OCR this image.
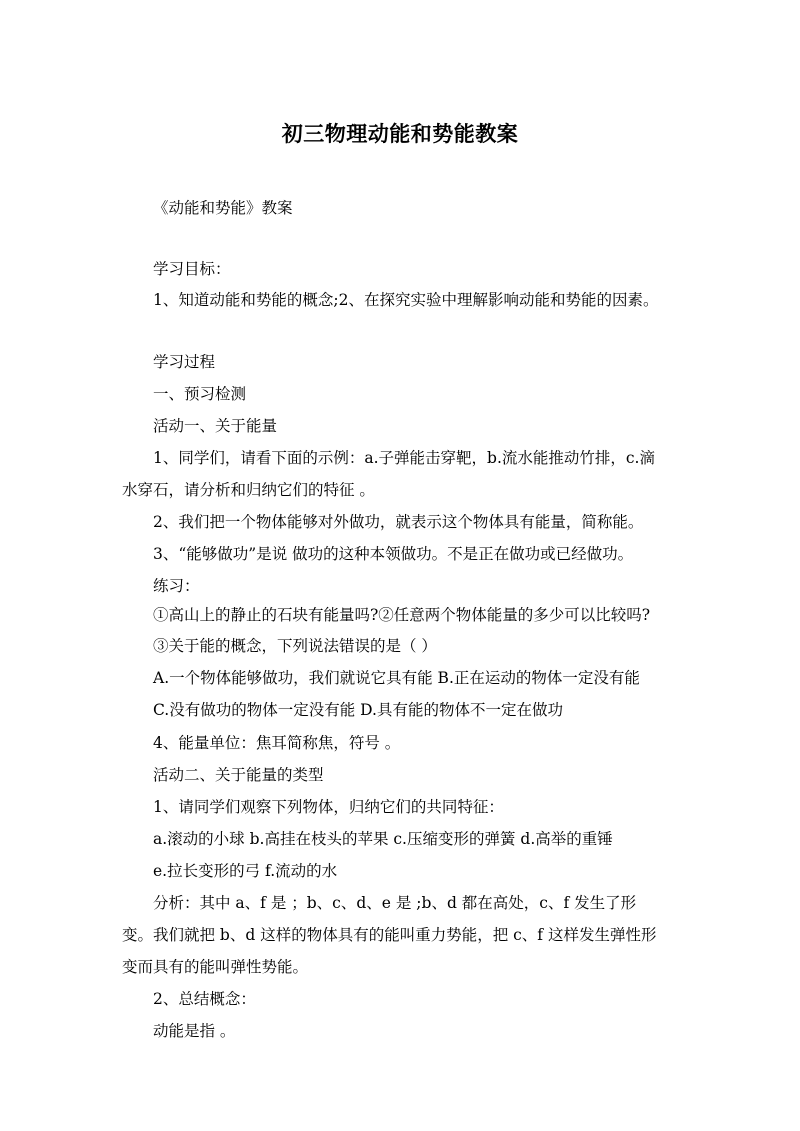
初三物理动能和势能教案
《动能和势能》教案
学习目标：
1、知道动能和势能的概念;2、在探究实验中理解影响动能和势能的因素。
学习过程
一、预习检测
活动一、关于能量
1、同学们，请看下面的示例：a.子弹能击穿靶，b.流水能推动竹排，c.滴
水穿石，请分析和归纳它们的特征 。
2、我们把一个物体能够对外做功，就表示这个物体具有能量，简称能。
3、“能够做功”是说 做功的这种本领做功。不是正在做功或已经做功。
练习：
①高山上的静止的石块有能量吗?②任意两个物体能量的多少可以比较吗?
③关于能的概念，下列说法错误的是（ ）
A.一个物体能够做功，我们就说它具有能 B.正在运动的物体一定没有能
C.没有做功的物体一定没有能 D.具有能的物体不一定在做功
4、能量单位：焦耳简称焦，符号 。
活动二、关于能量的类型
1、请同学们观察下列物体，归纳它们的共同特征：
a.滚动的小球 b.高挂在枝头的苹果 c.压缩变形的弹簧 d.高举的重锤
e.拉长变形的弓 f.流动的水
分析：其中 a、f 是 ；b、c、d、e 是 ;b、d 都在高处，c、f 发生了形
变。我们就把 b、d 这样的物体具有的能叫重力势能，把 c、f 这样发生弹性形
变而具有的能叫弹性势能。
2、总结概念：
动能是指 。
